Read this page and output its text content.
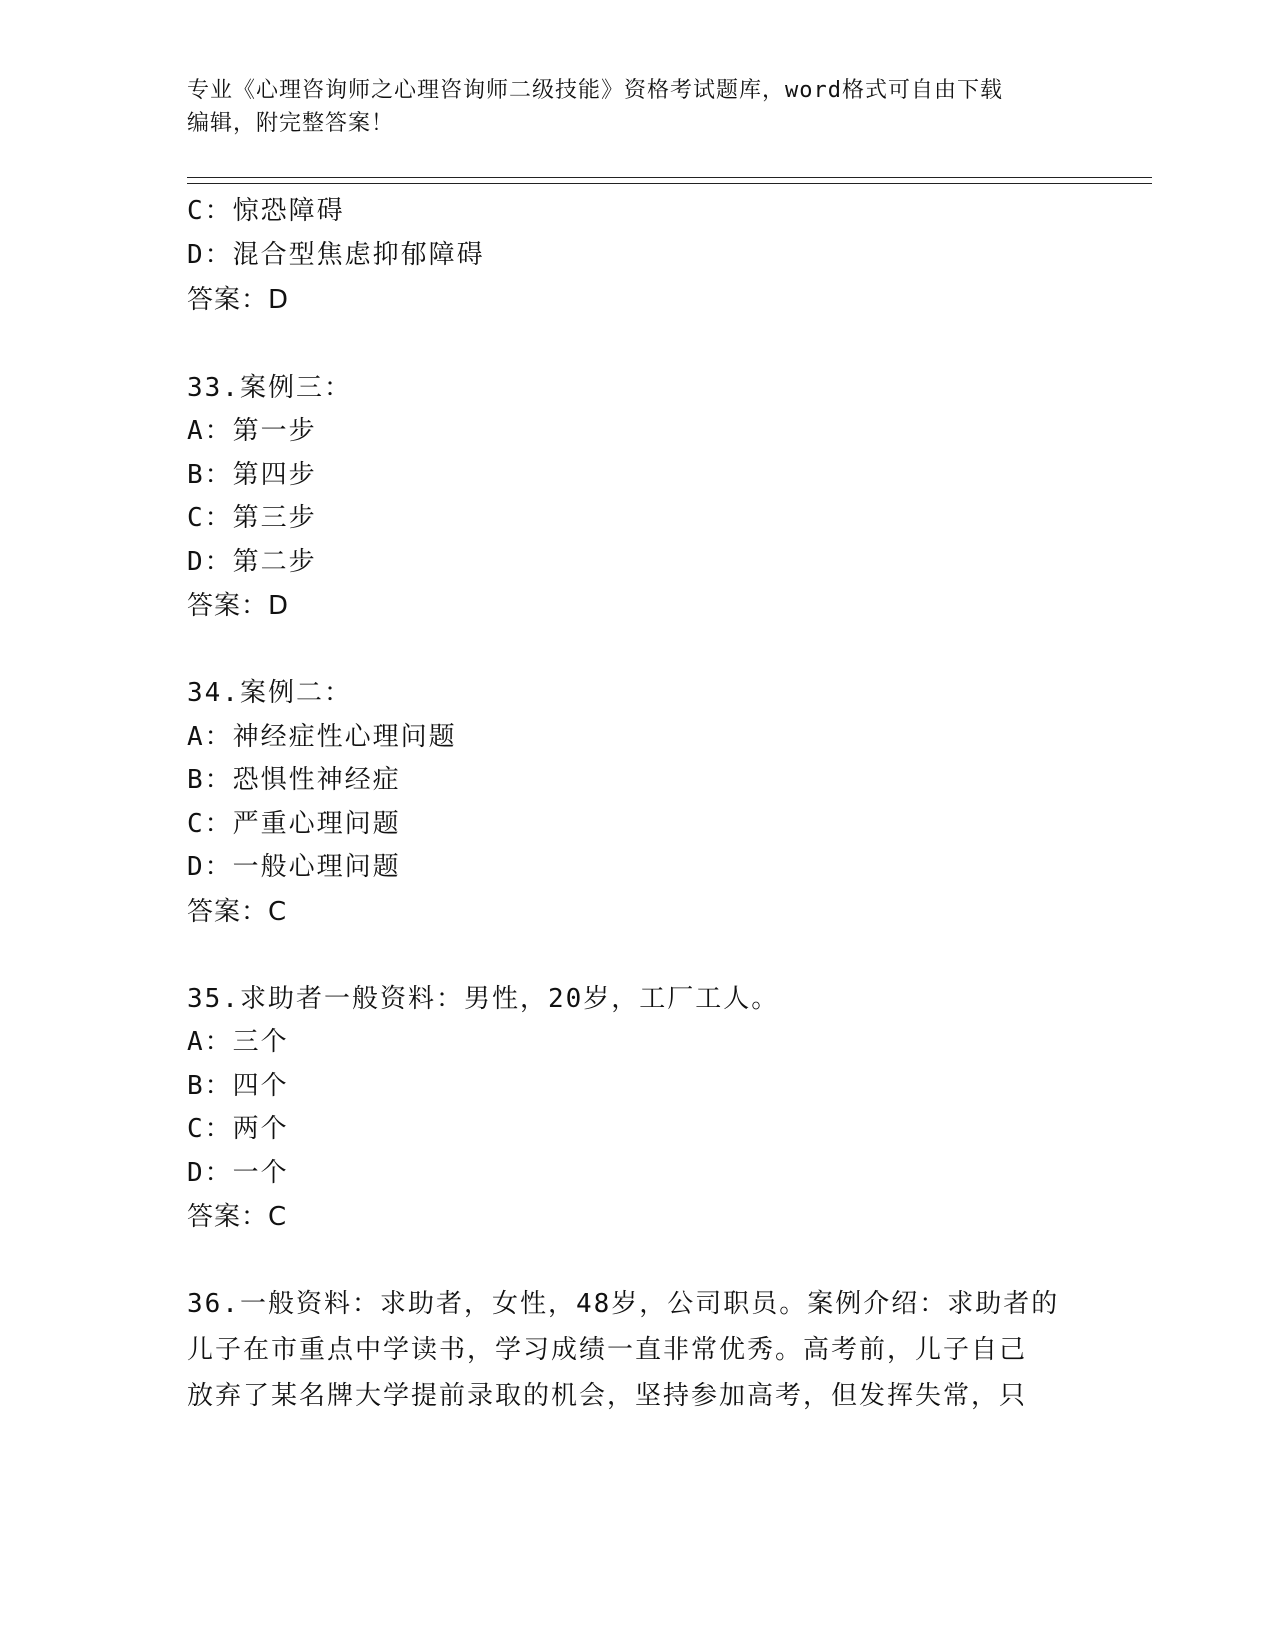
专业《心理咨询师之心理咨询师二级技能》资格考试题库，word格式可自由下载
编辑，附完整答案！
C：惊恐障碍
D：混合型焦虑抑郁障碍
答案：D
33.案例三：
A：第一步
B：第四步
C：第三步
D：第二步
答案：D
34.案例二：
A：神经症性心理问题
B：恐惧性神经症
C：严重心理问题
D：一般心理问题
答案：C
35.求助者一般资料：男性，20岁，工厂工人。
A：三个
B：四个
C：两个
D：一个
答案：C
36.一般资料：求助者，女性，48岁，公司职员。案例介绍：求助者的
儿子在市重点中学读书，学习成绩一直非常优秀。高考前，儿子自己
放弃了某名牌大学提前录取的机会，坚持参加高考，但发挥失常，只
